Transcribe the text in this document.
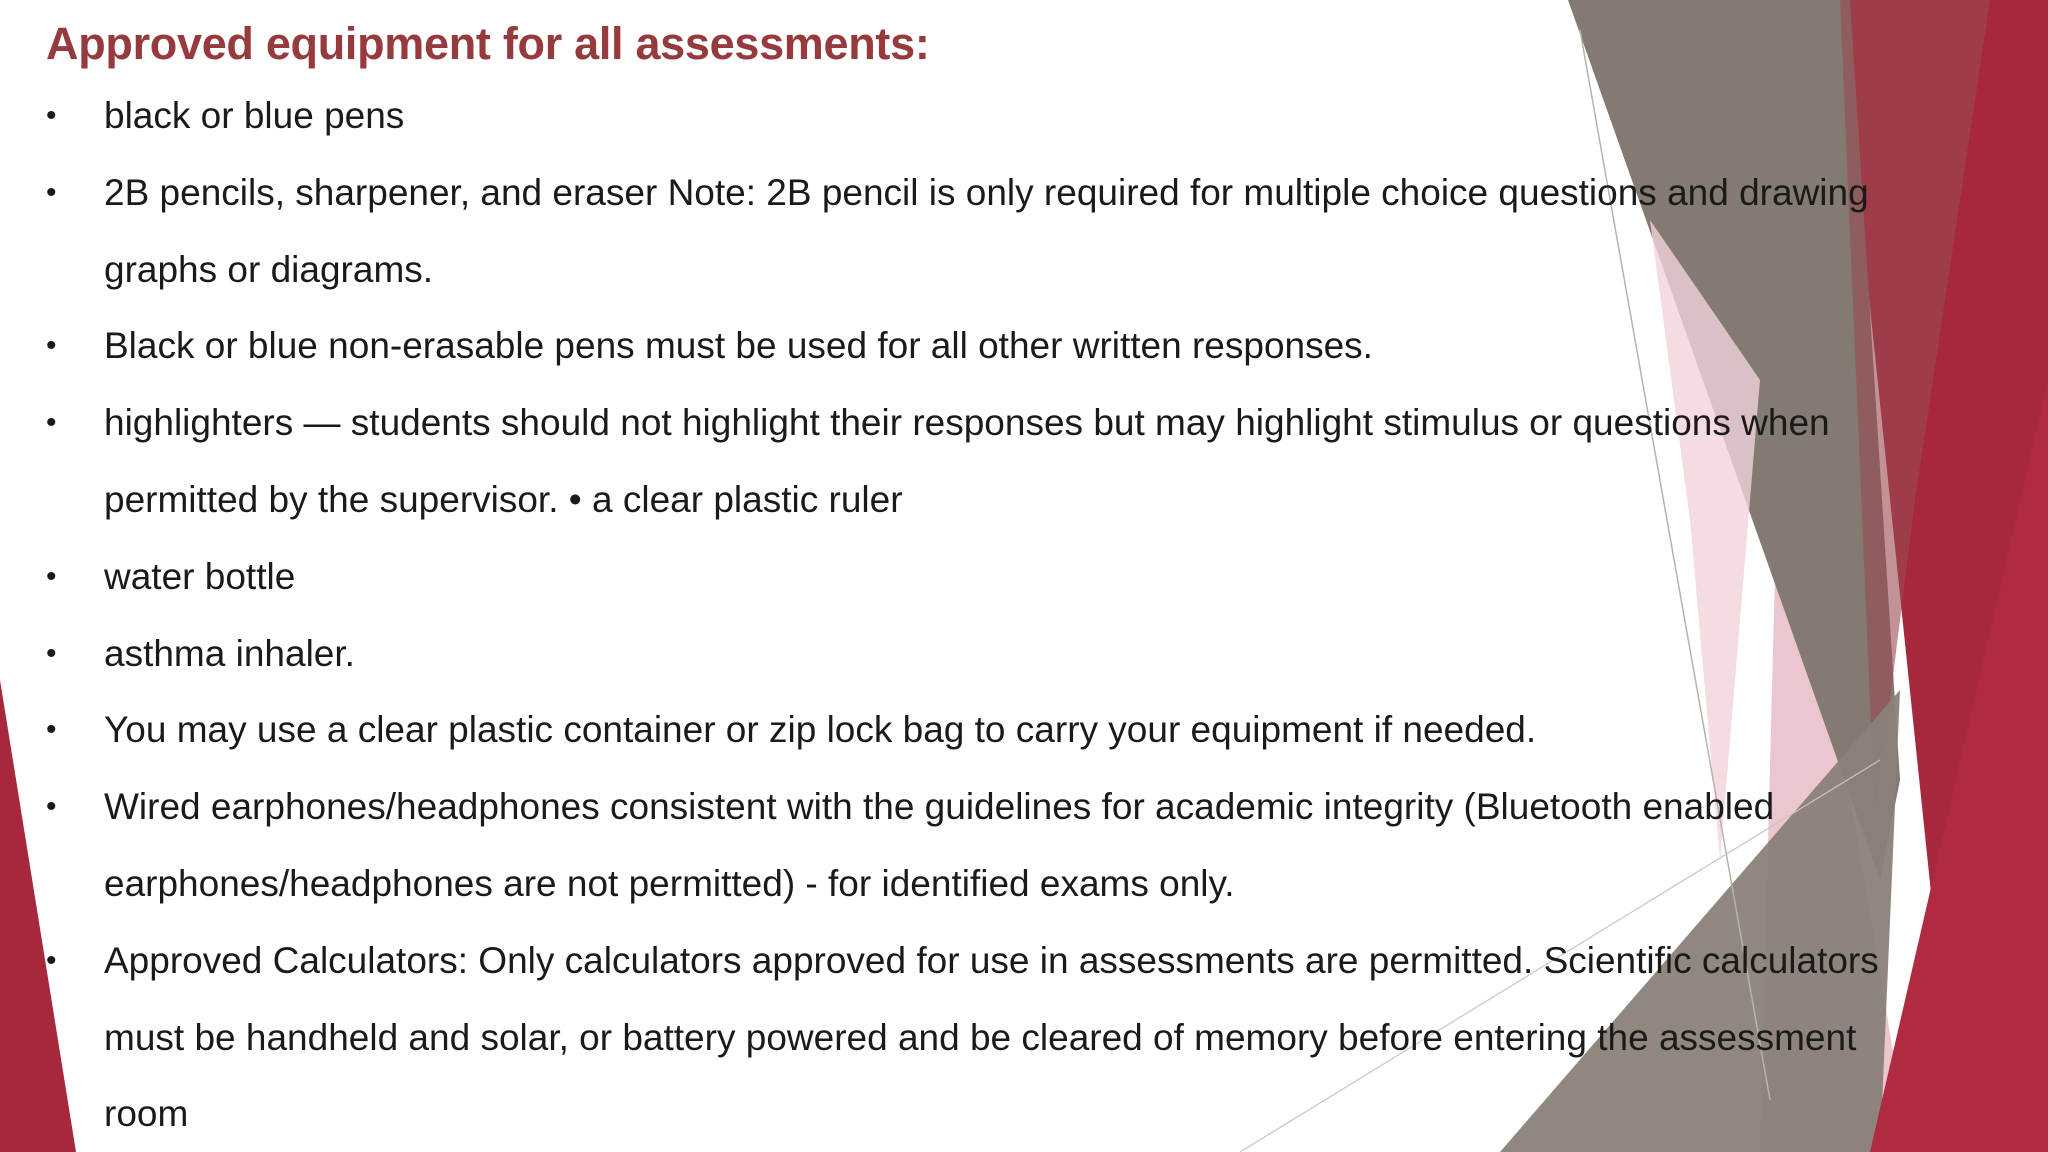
Approved equipment for all assessments:
• black or blue pens
• 2B pencils, sharpener, and eraser Note: 2B pencil is only required for multiple choice questions and drawing graphs or diagrams.
• Black or blue non-erasable pens must be used for all other written responses.
• highlighters — students should not highlight their responses but may highlight stimulus or questions when permitted by the supervisor. • a clear plastic ruler
• water bottle
• asthma inhaler.
• You may use a clear plastic container or zip lock bag to carry your equipment if needed.
• Wired earphones/headphones consistent with the guidelines for academic integrity (Bluetooth enabled earphones/headphones are not permitted) - for identified exams only.
• Approved Calculators: Only calculators approved for use in assessments are permitted. Scientific calculators must be handheld and solar, or battery powered and be cleared of memory before entering the assessment room
